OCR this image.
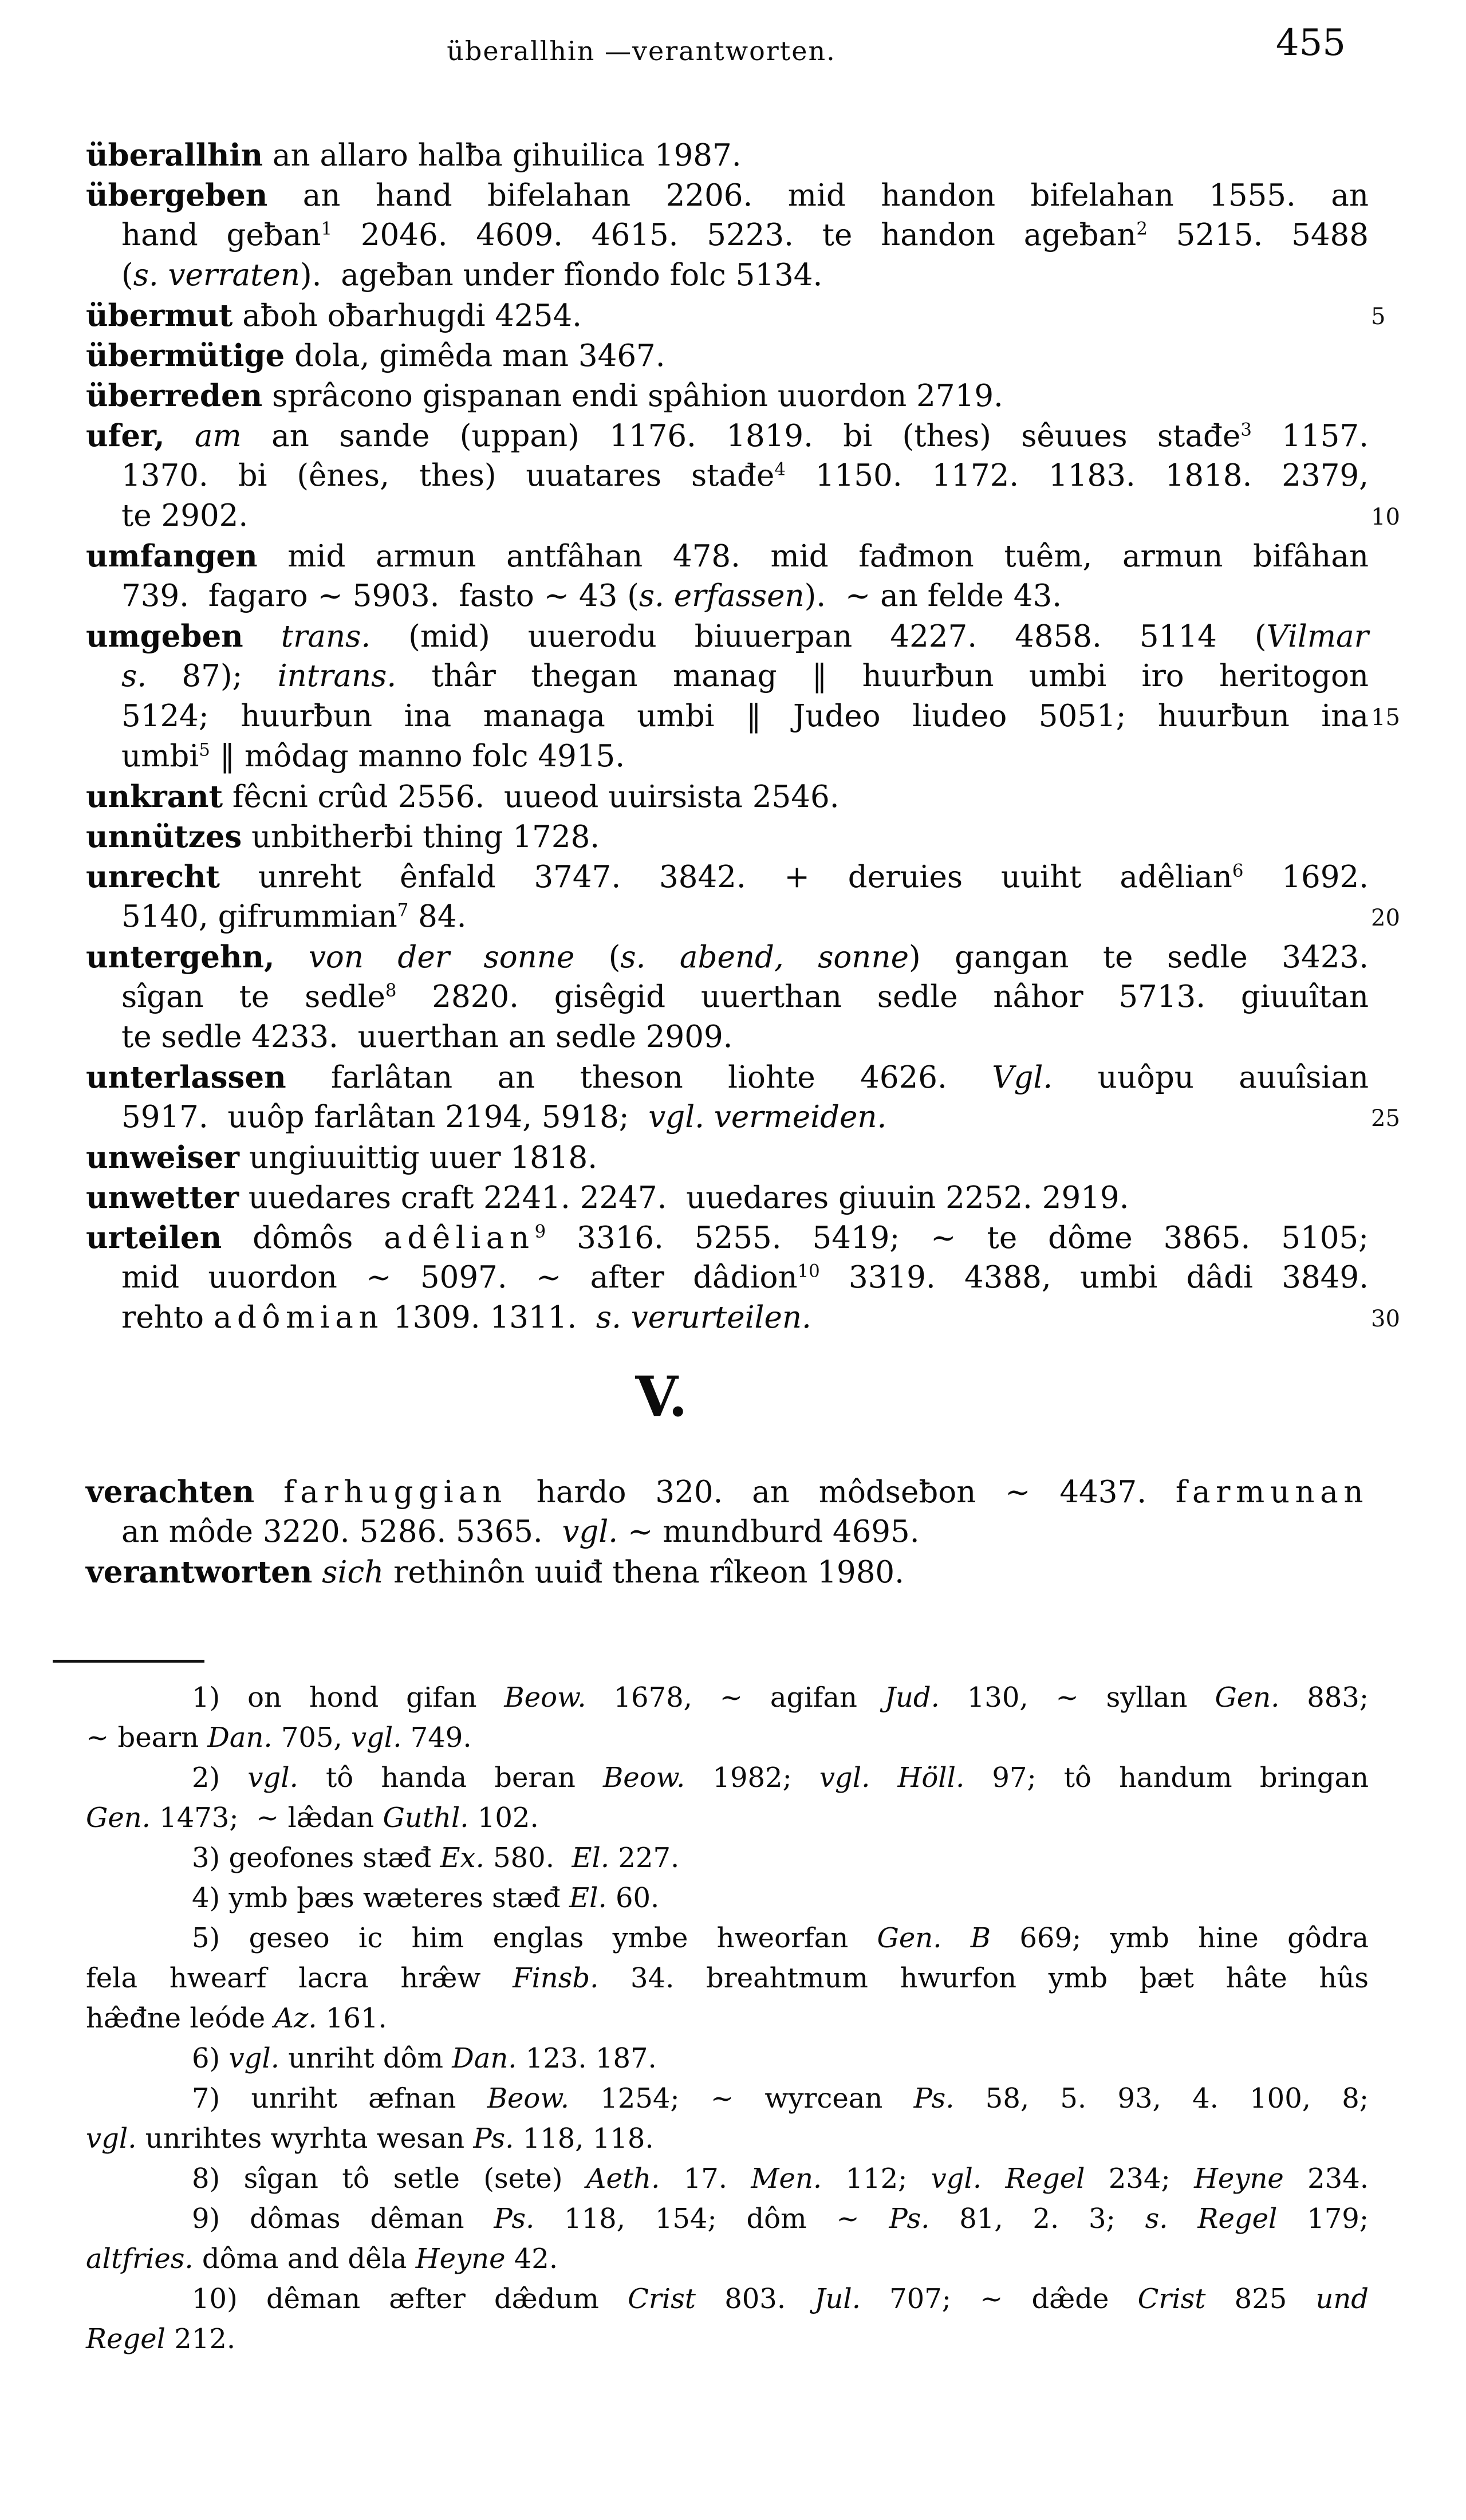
überallhin —verantworten.	455
überallhin an allaro halƀa gihuilica 1987.
übergeben an hand bifelahan 2206. mid handon bifelahan 1555. an
hand geƀan$^1$ 2046. 4609. 4615. 5223. te handon ageƀan$^2$ 5215. 5488
(s. verraten).  ageƀan under fîondo folc 5134.
übermut aƀoh oƀarhugdi 4254.
übermütige dola, gimêda man 3467.
überreden sprâcono gispanan endi spâhion uuordon 2719.
ufer, am an sande (uppan) 1176. 1819. bi (thes) sêuues stađe$^3$ 1157.
1370. bi (ênes, thes) uuatares stađe$^4$ 1150. 1172. 1183. 1818. 2379,
te 2902.
umfangen mid armun antfâhan 478. mid fađmon tuêm, armun bifâhan
739.  fagaro ~ 5903.  fasto ~ 43 (s. erfassen).  ~ an felde 43.
umgeben trans. (mid) uuerodu biuuerpan 4227. 4858. 5114 (Vilmar
s. 87); intrans. thâr thegan manag ‖ huurƀun umbi iro heritogon
5124; huurƀun ina managa umbi ‖ Judeo liudeo 5051; huurƀun ina
umbi$^5$ ‖ môdag manno folc 4915.
unkrant fêcni crûd 2556.  uueod uuirsista 2546.
unnützes unbitherƀi thing 1728.
unrecht unreht ênfald 3747. 3842. + deruies uuiht adêlian$^6$ 1692.
5140, gifrummian$^7$ 84.
untergehn, von der sonne (s. abend, sonne) gangan te sedle 3423.
sîgan te sedle$^8$ 2820. gisêgid uuerthan sedle nâhor 5713. giuuîtan
te sedle 4233.  uuerthan an sedle 2909.
unterlassen farlâtan an theson liohte 4626. Vgl. uuôpu auuîsian
5917.  uuôp farlâtan 2194, 5918;  vgl. vermeiden.
unweiser ungiuuittig uuer 1818.
unwetter uuedares craft 2241. 2247.  uuedares giuuin 2252. 2919.
urteilen dômôs adêlian$^9$ 3316. 5255. 5419; ~ te dôme 3865. 5105;
mid uuordon ~ 5097. ~ after dâdion$^{10}$ 3319. 4388, umbi dâdi 3849.
rehto adômian 1309. 1311.  s. verurteilen.
V.
verachten farhuggian hardo 320. an môdseƀon ~ 4437. farmunan
an môde 3220. 5286. 5365.  vgl. ~ mundburd 4695.
verantworten sich rethinôn uuiđ thena rîkeon 1980.
1) on hond gifan Beow. 1678, ~ agifan Jud. 130, ~ syllan Gen. 883;
~ bearn Dan. 705, vgl. 749.
2) vgl. tô handa beran Beow. 1982; vgl. Höll. 97; tô handum bringan
Gen. 1473;  ~ læ̂dan Guthl. 102.
3) geofones stæđ Ex. 580.  El. 227.
4) ymb þæs wæteres stæđ El. 60.
5) geseo ic him englas ymbe hweorfan Gen. B 669; ymb hine gôdra
fela hwearf lacra hræ̂w Finsb. 34. breahtmum hwurfon ymb þæt hâte hûs
hæ̂đne leóde Az. 161.
6) vgl. unriht dôm Dan. 123. 187.
7) unriht æfnan Beow. 1254; ~ wyrcean Ps. 58, 5. 93, 4. 100, 8;
vgl. unrihtes wyrhta wesan Ps. 118, 118.
8) sîgan tô setle (sete) Aeth. 17. Men. 112; vgl. Regel 234; Heyne 234.
9) dômas dêman Ps. 118, 154; dôm ~ Ps. 81, 2. 3; s. Regel 179;
altfries. dôma and dêla Heyne 42.
10) dêman æfter dæ̂dum Crist 803. Jul. 707; ~ dæ̂de Crist 825 und
Regel 212.
5
10
15
20
25
30
